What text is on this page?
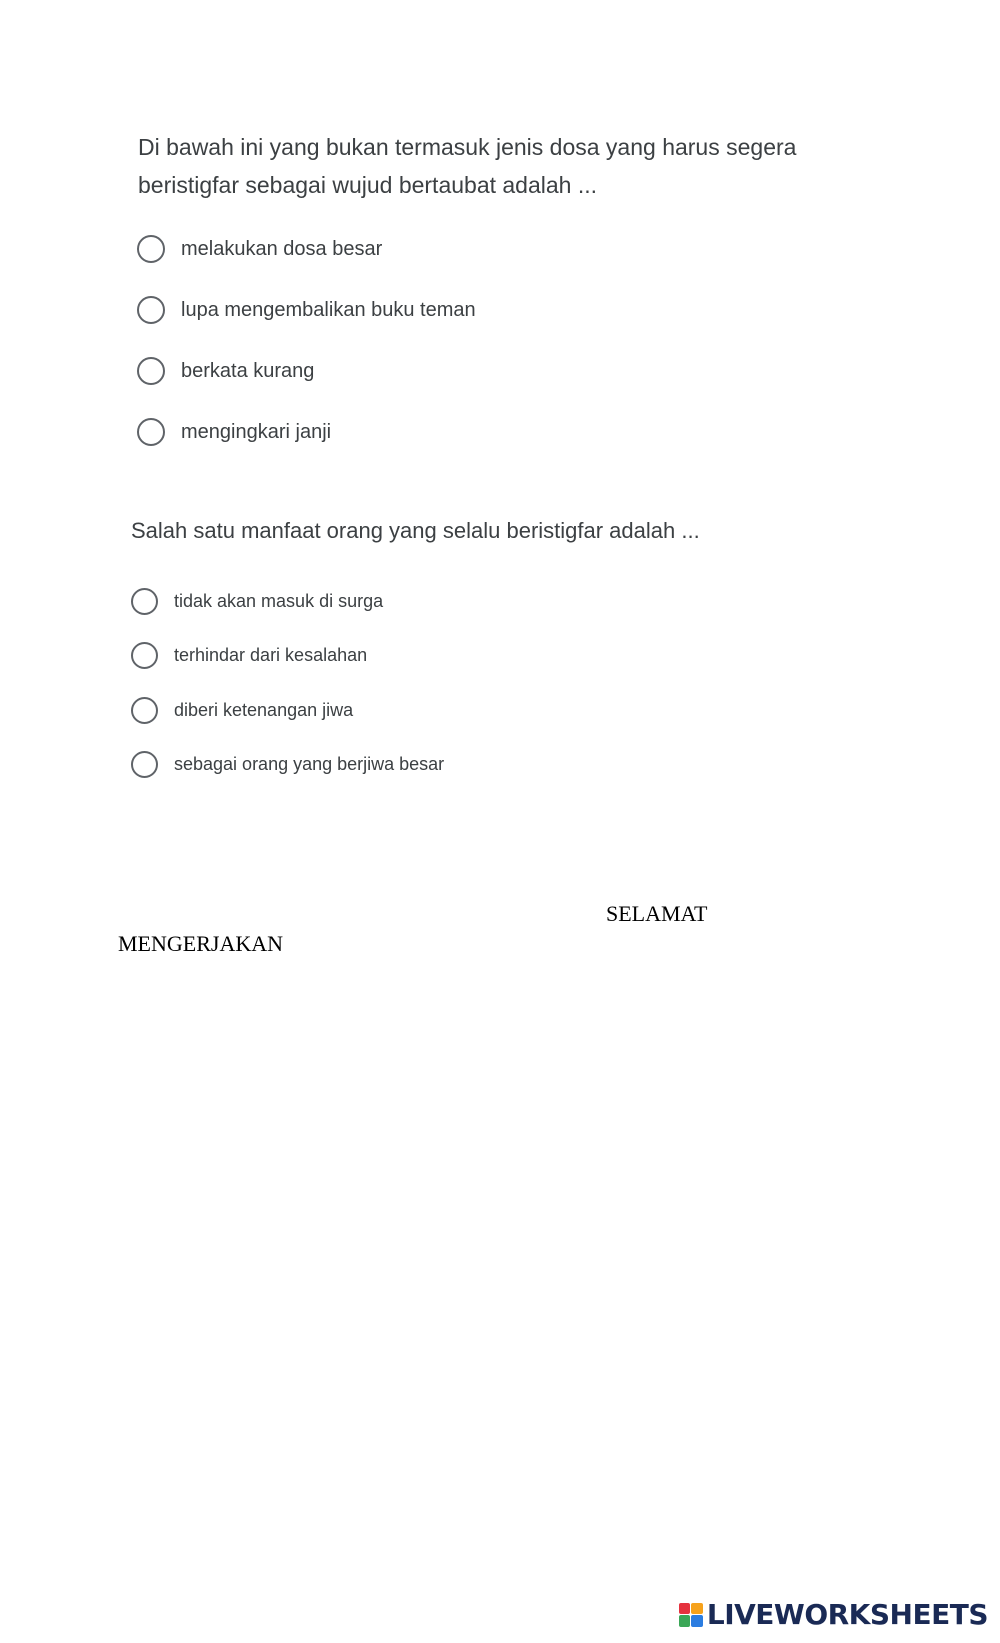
Di bawah ini yang bukan termasuk jenis dosa yang harus segera beristigfar sebagai wujud bertaubat adalah ...
melakukan dosa besar
lupa mengembalikan buku teman
berkata kurang
mengingkari janji
Salah satu manfaat orang yang selalu beristigfar adalah ...
tidak akan masuk di surga
terhindar dari kesalahan
diberi ketenangan jiwa
sebagai orang yang berjiwa besar
SELAMAT
MENGERJAKAN
LIVEWORKSHEETS
